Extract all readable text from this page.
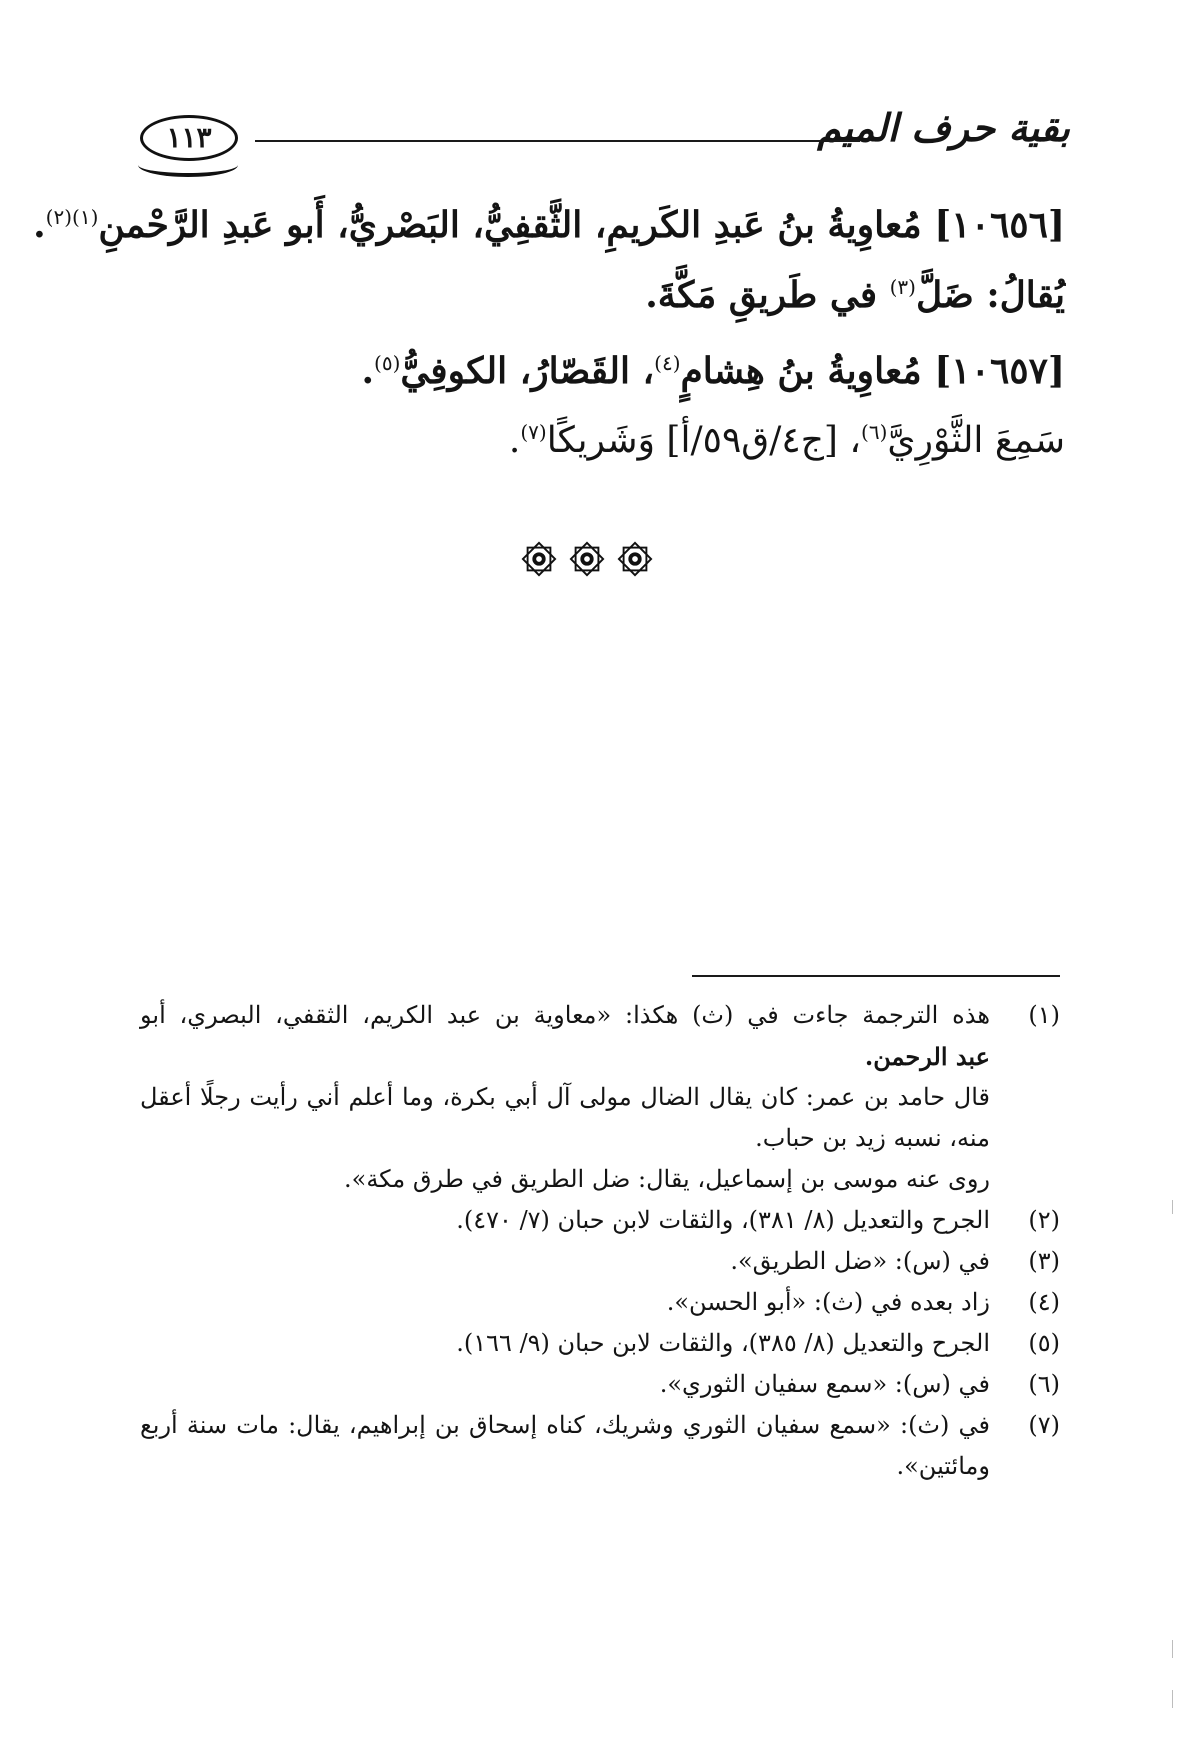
بقية حرف الميم
١١٣
[١٠٦٥٦] مُعاوِيةُ بنُ عَبدِ الكَريمِ، الثَّقفِيُّ، البَصْريُّ، أَبو عَبدِ الرَّحْمنِ$^{(١)(٢)}$.
يُقالُ: ضَلَّ$^{(٣)}$ في طَريقِ مَكَّةَ.
[١٠٦٥٧] مُعاوِيةُ بنُ هِشامٍ$^{(٤)}$، القَصّارُ، الكوفِيُّ$^{(٥)}$.
سَمِعَ الثَّوْرِيَّ$^{(٦)}$، [ج٤/ق٥٩/أ] وَشَريكًا$^{(٧)}$.
(١)
هذه الترجمة جاءت في (ث) هكذا: «معاوية بن عبد الكريم، الثقفي، البصري، أبو
عبد الرحمن.
قال حامد بن عمر: كان يقال الضال مولى آل أبي بكرة، وما أعلم أني رأيت رجلًا أعقل
منه، نسبه زيد بن حباب.
روى عنه موسى بن إسماعيل، يقال: ضل الطريق في طرق مكة».
(٢)
الجرح والتعديل (٨/ ٣٨١)، والثقات لابن حبان (٧/ ٤٧٠).
(٣)
في (س): «ضل الطريق».
(٤)
زاد بعده في (ث): «أبو الحسن».
(٥)
الجرح والتعديل (٨/ ٣٨٥)، والثقات لابن حبان (٩/ ١٦٦).
(٦)
في (س): «سمع سفيان الثوري».
(٧)
في (ث): «سمع سفيان الثوري وشريك، كناه إسحاق بن إبراهيم، يقال: مات سنة أربع
ومائتين».
